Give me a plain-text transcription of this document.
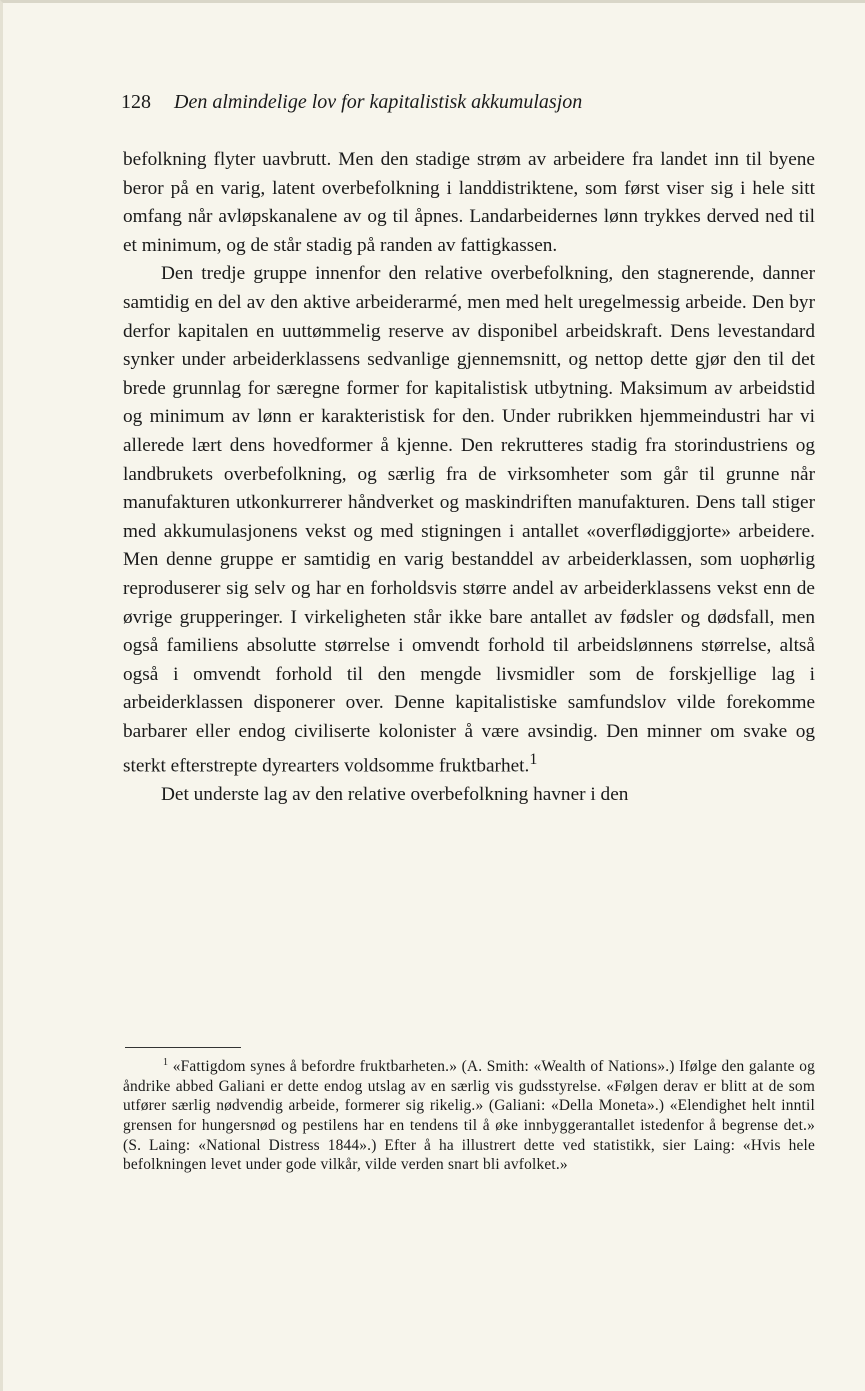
128 Den almindelige lov for kapitalistisk akkumulasjon

befolkning flyter uavbrutt. Men den stadige strøm av arbeidere fra landet inn til byene beror på en varig, latent overbefolkning i landdistriktene, som først viser sig i hele sitt omfang når avløpskanalene av og til åpnes. Landarbeidernes lønn trykkes derved ned til et minimum, og de står stadig på randen av fattigkassen.

Den tredje gruppe innenfor den relative overbefolkning, den stagnerende, danner samtidig en del av den aktive arbeiderarmé, men med helt uregelmessig arbeide. Den byr derfor kapitalen en uuttømmelig reserve av disponibel arbeidskraft. Dens levestandard synker under arbeiderklassens sedvanlige gjennemsnitt, og nettop dette gjør den til det brede grunnlag for særegne former for kapitalistisk utbytning. Maksimum av arbeidstid og minimum av lønn er karakteristisk for den. Under rubrikken hjemmeindustri har vi allerede lært dens hovedformer å kjenne. Den rekrutteres stadig fra storindustriens og landbrukets overbefolkning, og særlig fra de virksomheter som går til grunne når manufakturen utkonkurrerer håndverket og maskindriften manufakturen. Dens tall stiger med akkumulasjonens vekst og med stigningen i antallet «overflødiggjorte» arbeidere. Men denne gruppe er samtidig en varig bestanddel av arbeiderklassen, som uophørlig reproduserer sig selv og har en forholdsvis større andel av arbeiderklassens vekst enn de øvrige grupperinger. I virkeligheten står ikke bare antallet av fødsler og dødsfall, men også familiens absolutte størrelse i omvendt forhold til arbeidslønnens størrelse, altså også i omvendt forhold til den mengde livsmidler som de forskjellige lag i arbeiderklassen disponerer over. Denne kapitalistiske samfundslov vilde forekomme barbarer eller endog civiliserte kolonister å være avsindig. Den minner om svake og sterkt efterstrepte dyrearters voldsomme fruktbarhet.$^1$

Det underste lag av den relative overbefolkning havner i den

$^1$ «Fattigdom synes å befordre fruktbarheten.» (A. Smith: «Wealth of Nations».) Ifølge den galante og åndrike abbed Galiani er dette endog utslag av en særlig vis gudsstyrelse. «Følgen derav er blitt at de som utfører særlig nødvendig arbeide, formerer sig rikelig.» (Galiani: «Della Moneta».) «Elendighet helt inntil grensen for hungersnød og pestilens har en tendens til å øke innbyggerantallet istedenfor å begrense det.» (S. Laing: «National Distress 1844».) Efter å ha illustrert dette ved statistikk, sier Laing: «Hvis hele befolkningen levet under gode vilkår, vilde verden snart bli avfolket.»
